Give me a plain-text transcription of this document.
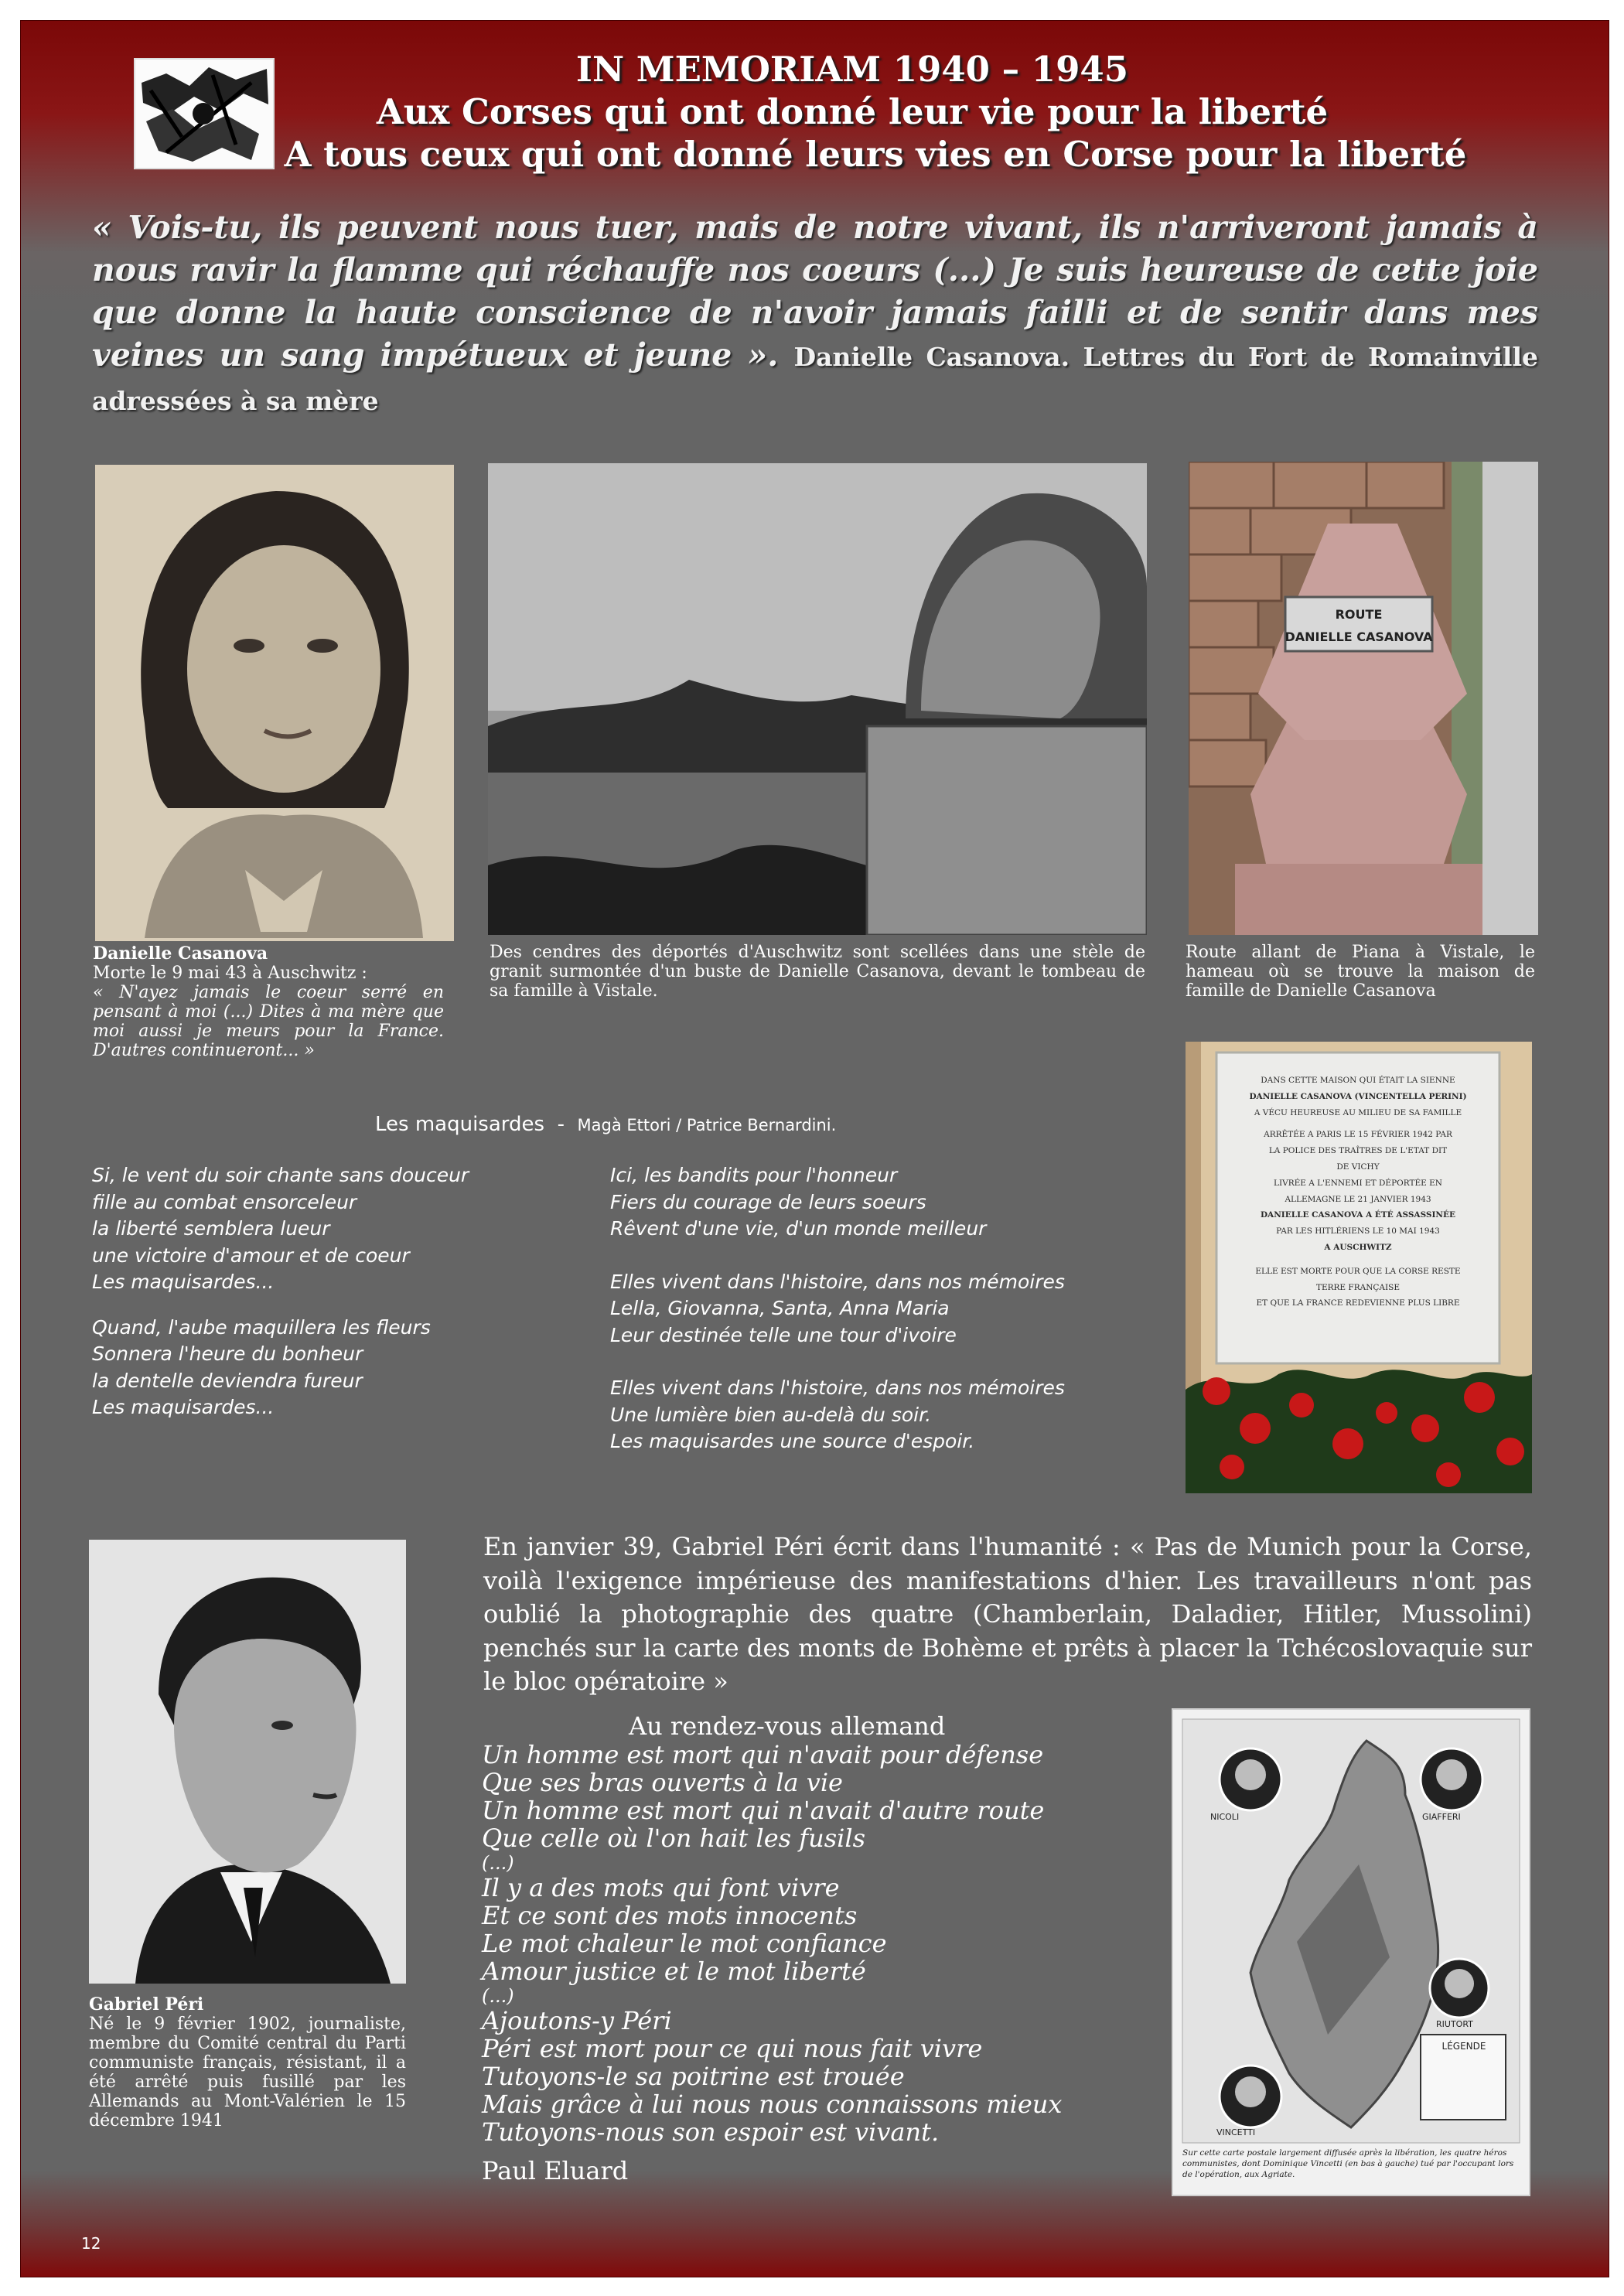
IN MEMORIAM 1940 – 1945
Aux Corses qui ont donné leur vie pour la liberté
A tous ceux qui ont donné leurs vies en Corse pour la liberté
« Vois-tu, ils peuvent nous tuer, mais de notre vivant, ils n'arriveront jamais à nous ravir la flamme qui réchauffe nos coeurs (...) Je suis heureuse de cette joie que donne la haute conscience de n'avoir jamais failli et de sentir dans mes veines un sang impétueux et jeune ». Danielle Casanova. Lettres du Fort de Romainville adressées à sa mère
ROUTE
DANIELLE CASANOVA
Danielle Casanova
Morte le 9 mai 43 à Auschwitz :
« N'ayez jamais le coeur serré en pensant à moi (...) Dites à ma mère que moi aussi je meurs pour la France. D'autres continueront... »
Des cendres des déportés d'Auschwitz sont scellées dans une stèle de granit surmontée d'un buste de Danielle Casanova, devant le tombeau de sa famille à Vistale.
Route allant de Piana à Vistale, le hameau où se trouve la maison de famille de Danielle Casanova
Les maquisardes - Magà Ettori / Patrice Bernardini.
Si, le vent du soir chante sans douceur
fille au combat ensorceleur
la liberté semblera lueur
une victoire d'amour et de coeur
Les maquisardes...
Quand, l'aube maquillera les fleurs
Sonnera l'heure du bonheur
la dentelle deviendra fureur
Les maquisardes...
Ici, les bandits pour l'honneur
Fiers du courage de leurs soeurs
Rêvent d'une vie, d'un monde meilleur
Elles vivent dans l'histoire, dans nos mémoires
Lella, Giovanna, Santa, Anna Maria
Leur destinée telle une tour d'ivoire
Elles vivent dans l'histoire, dans nos mémoires
Une lumière bien au-delà du soir.
Les maquisardes une source d'espoir.
DANS CETTE MAISON QUI ÉTAIT LA SIENNE
DANIELLE CASANOVA (VINCENTELLA PERINI)
A VÉCU HEUREUSE AU MILIEU DE SA FAMILLE
ARRÊTÉE A PARIS LE 15 FÉVRIER 1942 PAR
LA POLICE DES TRAÎTRES DE L'ETAT DIT
DE VICHY
LIVRÉE A L'ENNEMI ET DÉPORTÉE EN
ALLEMAGNE LE 21 JANVIER 1943
DANIELLE CASANOVA A ÉTÉ ASSASSINÉE
PAR LES HITLÉRIENS LE 10 MAI 1943
A AUSCHWITZ
ELLE EST MORTE POUR QUE LA CORSE RESTE
TERRE FRANÇAISE
ET QUE LA FRANCE REDEVIENNE PLUS LIBRE
Gabriel Péri
Né le 9 février 1902, journaliste, membre du Comité central du Parti communiste français, résistant, il a été arrêté puis fusillé par les Allemands au Mont-Valérien le 15 décembre 1941
En janvier 39, Gabriel Péri écrit dans l'humanité : « Pas de Munich pour la Corse, voilà l'exigence impérieuse des manifestations d'hier. Les travailleurs n'ont pas oublié la photographie des quatre (Chamberlain, Daladier, Hitler, Mussolini) penchés sur la carte des monts de Bohème et prêts à placer la Tchécoslovaquie sur le bloc opératoire »
Au rendez-vous allemand
Un homme est mort qui n'avait pour défense
Que ses bras ouverts à la vie
Un homme est mort qui n'avait d'autre route
Que celle où l'on hait les fusils
(...)
Il y a des mots qui font vivre
Et ce sont des mots innocents
Le mot chaleur le mot confiance
Amour justice et le mot liberté
(...)
Ajoutons-y Péri
Péri est mort pour ce qui nous fait vivre
Tutoyons-le sa poitrine est trouée
Mais grâce à lui nous nous connaissons mieux
Tutoyons-nous son espoir est vivant.
Paul Eluard
LÉGENDE
NICOLI	GIAFFERI
RIUTORT
VINCETTI
Sur cette carte postale largement diffusée après la libération, les quatre héros communistes, dont Dominique Vincetti (en bas à gauche) tué par l'occupant lors de l'opération, aux Agriate.
12
